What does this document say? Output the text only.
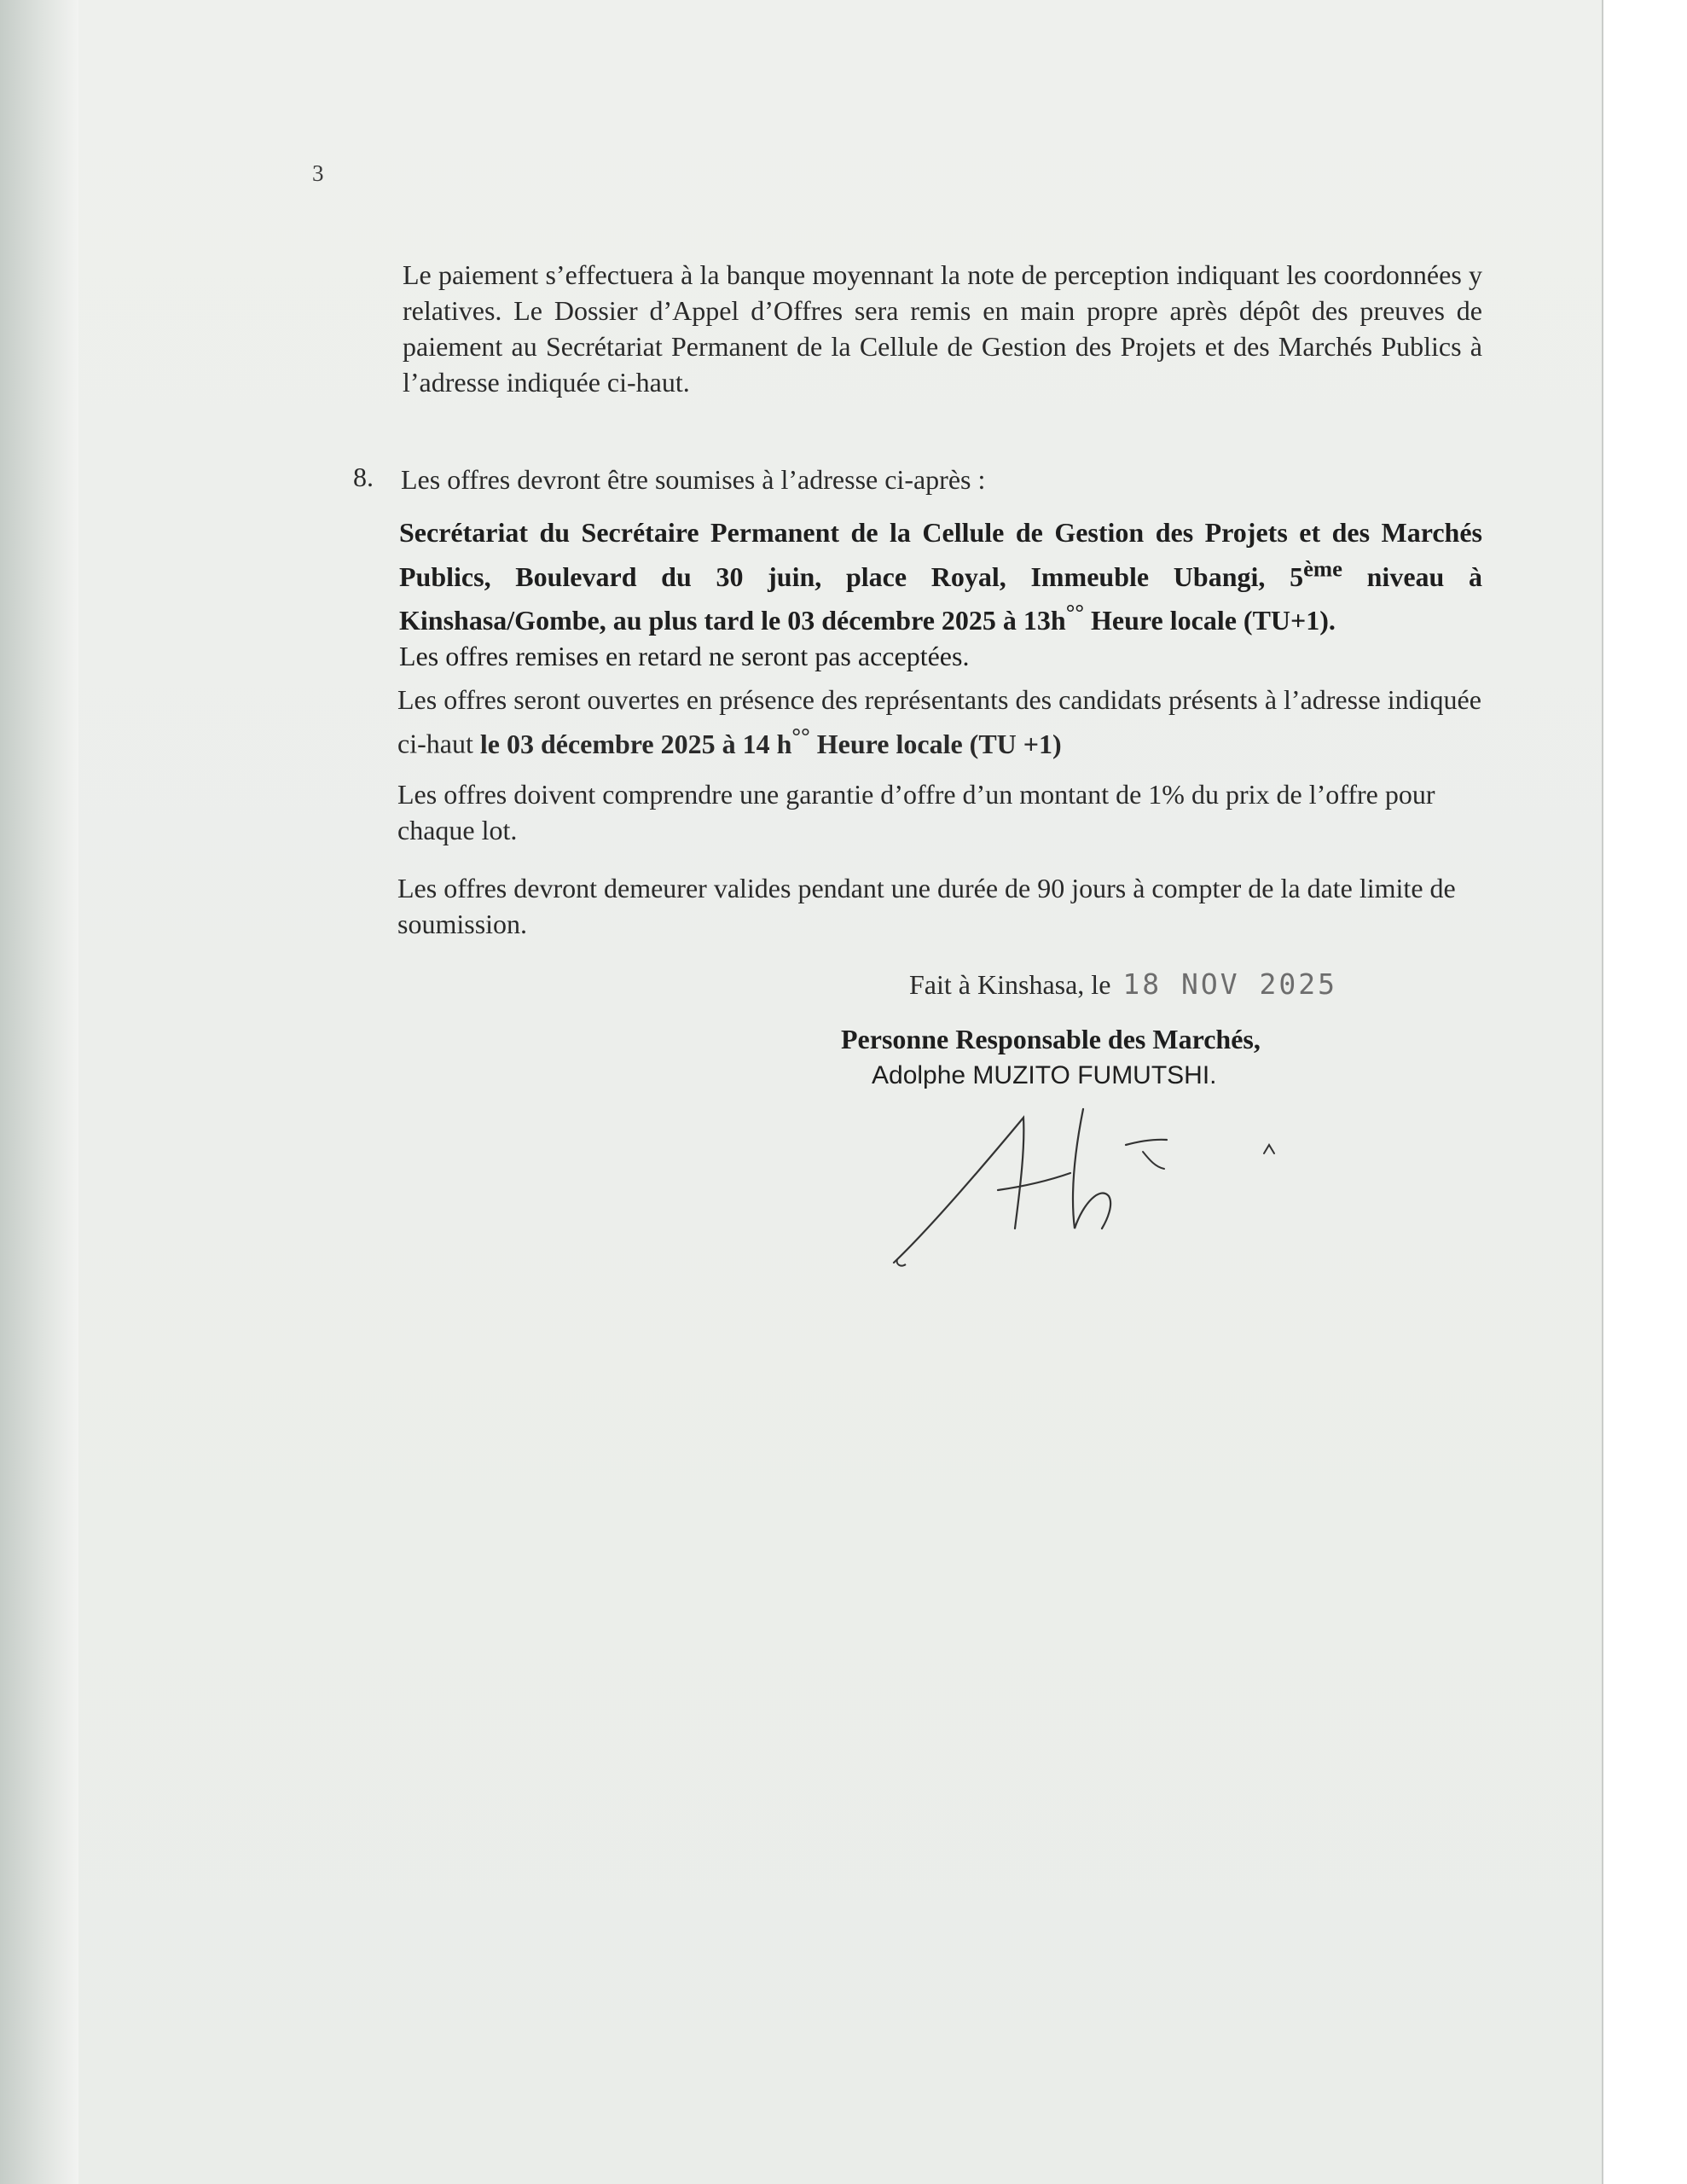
3

Le paiement s’effectuera à la banque moyennant la note de perception indiquant les coordonnées y relatives. Le Dossier d’Appel d’Offres sera remis en main propre après dépôt des preuves de paiement au Secrétariat Permanent de la Cellule de Gestion des Projets et des Marchés Publics à l’adresse indiquée ci-haut.

8. Les offres devront être soumises à l’adresse ci-après :

Secrétariat du Secrétaire Permanent de la Cellule de Gestion des Projets et des Marchés Publics, Boulevard du 30 juin, place Royal, Immeuble Ubangi, 5ème niveau à Kinshasa/Gombe, au plus tard le 03 décembre 2025 à 13h°° Heure locale (TU+1).
Les offres remises en retard ne seront pas acceptées.

Les offres seront ouvertes en présence des représentants des candidats présents à l’adresse indiquée ci-haut le 03 décembre 2025 à 14 h°° Heure locale (TU +1)

Les offres doivent comprendre une garantie d’offre d’un montant de 1% du prix de l’offre pour chaque lot.

Les offres devront demeurer valides pendant une durée de 90 jours à compter de la date limite de soumission.

Fait à Kinshasa, le 18 NOV 2025
Personne Responsable des Marchés,
Adolphe MUZITO FUMUTSHI.
